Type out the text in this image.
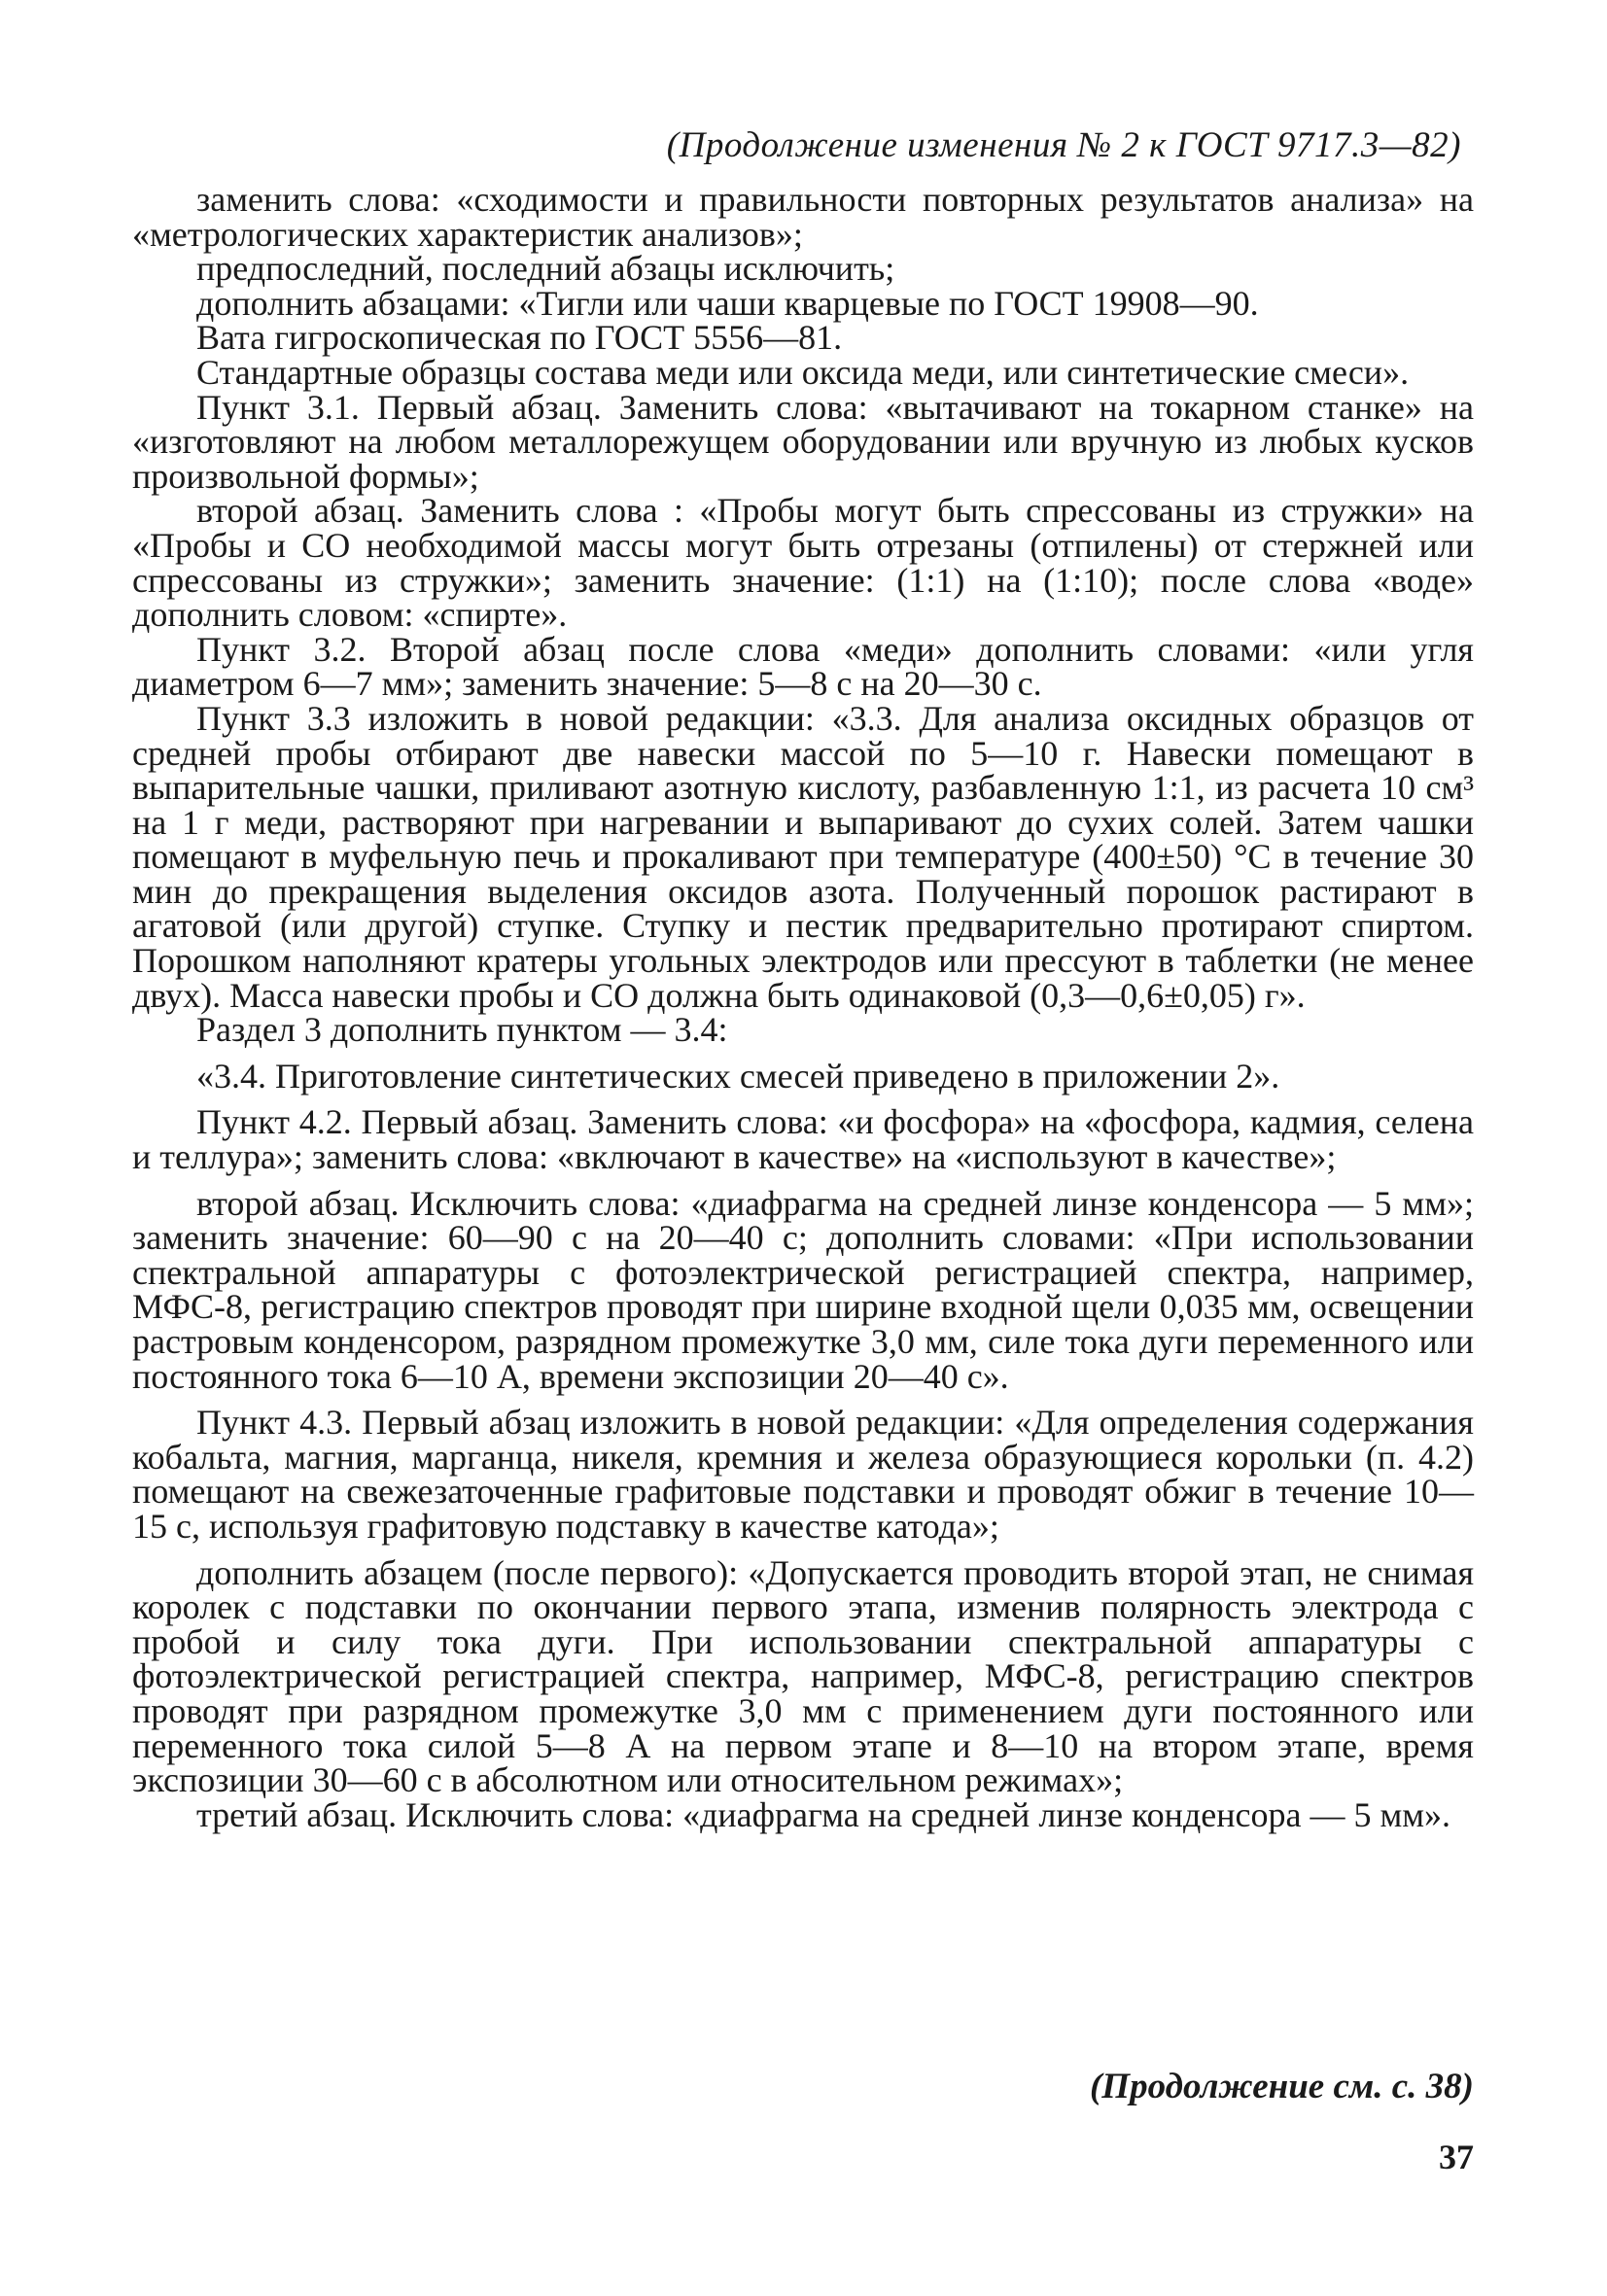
(Продолжение изменения № 2 к ГОСТ 9717.3—82)

заменить слова: «сходимости и правильности повторных результатов анализа» на «метрологических характеристик анализов»;

предпоследний, последний абзацы исключить;

дополнить абзацами: «Тигли или чаши кварцевые по ГОСТ 19908—90.

Вата гигроскопическая по ГОСТ 5556—81.

Стандартные образцы состава меди или оксида меди, или синтетические смеси».

Пункт 3.1. Первый абзац. Заменить слова: «вытачивают на токарном станке» на «изготовляют на любом металлорежущем оборудовании или вручную из любых кусков произвольной формы»;

второй абзац. Заменить слова : «Пробы могут быть спрессованы из стружки» на «Пробы и СО необходимой массы могут быть отрезаны (отпилены) от стержней или спрессованы из стружки»; заменить значение: (1:1) на (1:10); после слова «воде» дополнить словом: «спирте».

Пункт 3.2. Второй абзац после слова «меди» дополнить словами: «или угля диаметром 6—7 мм»; заменить значение: 5—8 с на 20—30 с.

Пункт 3.3 изложить в новой редакции: «3.3. Для анализа оксидных образцов от средней пробы отбирают две навески массой по 5—10 г. Навески помещают в выпарительные чашки, приливают азотную кислоту, разбавленную 1:1, из расчета 10 см³ на 1 г меди, растворяют при нагревании и выпаривают до сухих солей. Затем чашки помещают в муфельную печь и прокаливают при температуре (400±50) °С в течение 30 мин до прекращения выделения оксидов азота. Полученный порошок растирают в агатовой (или другой) ступке. Ступку и пестик предварительно протирают спиртом. Порошком наполняют кратеры угольных электродов или прессуют в таблетки (не менее двух). Масса навески пробы и СО должна быть одинаковой (0,3—0,6±0,05) г».

Раздел 3 дополнить пунктом — 3.4:

«3.4. Приготовление синтетических смесей приведено в приложении 2».

Пункт 4.2. Первый абзац. Заменить слова: «и фосфора» на «фосфора, кадмия, селена и теллура»; заменить слова: «включают в качестве» на «используют в качестве»;

второй абзац. Исключить слова: «диафрагма на средней линзе конденсора — 5 мм»; заменить значение: 60—90 с на 20—40 с; дополнить словами: «При использовании спектральной аппаратуры с фотоэлектрической регистрацией спектра, например, МФС-8, регистрацию спектров проводят при ширине входной щели 0,035 мм, освещении растровым конденсором, разрядном промежутке 3,0 мм, силе тока дуги переменного или постоянного тока 6—10 А, времени экспозиции 20—40 с».

Пункт 4.3. Первый абзац изложить в новой редакции: «Для определения содержания кобальта, магния, марганца, никеля, кремния и железа образующиеся корольки (п. 4.2) помещают на свежезаточенные графитовые подставки и проводят обжиг в течение 10—15 с, используя графитовую подставку в качестве катода»;

дополнить абзацем (после первого): «Допускается проводить второй этап, не снимая королек с подставки по окончании первого этапа, изменив полярность электрода с пробой и силу тока дуги. При использовании спектральной аппаратуры с фотоэлектрической регистрацией спектра, например, МФС-8, регистрацию спектров проводят при разрядном промежутке 3,0 мм с применением дуги постоянного или переменного тока силой 5—8 А на первом этапе и 8—10 на втором этапе, время экспозиции 30—60 с в абсолютном или относительном режимах»;

третий абзац. Исключить слова: «диафрагма на средней линзе конденсора — 5 мм».

(Продолжение см. с. 38)
37
